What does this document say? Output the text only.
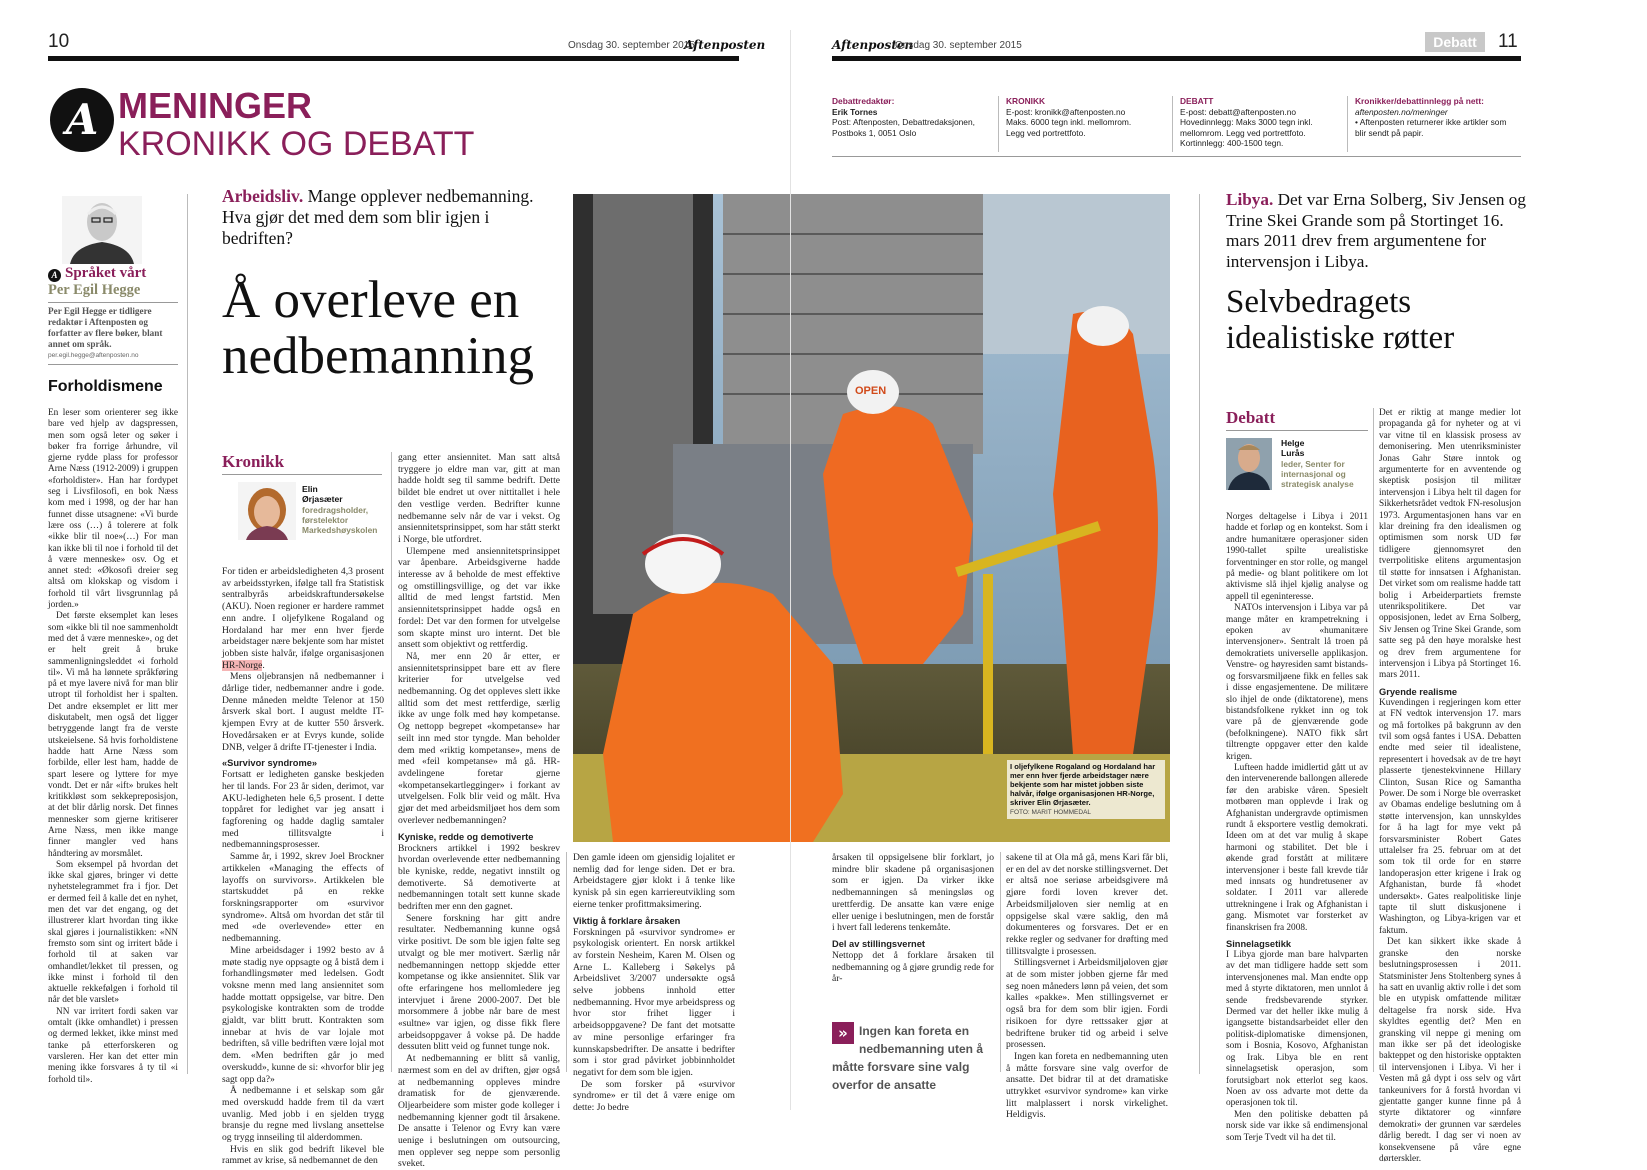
10	Onsdag 30. september 2015
Aftenposten
A MENINGER
KRONIKK OG DEBATT
A Språket vårt
Per Egil Hegge
Per Egil Hegge er tidligere redaktør i Aftenposten og forfatter av flere bøker, blant annet om språk.
per.egil.hegge@aftenposten.no
Forholdismene

En leser som orienterer seg ikke bare ved hjelp av dagspressen, men som også leter og søker i bøker fra forrige århundre, vil gjerne rydde plass for professor Arne Næss (1912-2009) i gruppen «forholdister». Han har fordypet seg i Livsfilosofi, en bok Næss kom med i 1998, og der har han funnet disse utsagnene: «Vi burde lære oss (…) å tolerere at folk «ikke blir til noe»(…) For man kan ikke bli til noe i forhold til det å være menneske» osv. Og et annet sted: «Økosofi dreier seg altså om klokskap og visdom i forhold til vårt livsgrunnlag på jorden.»

Det første eksemplet kan leses som «ikke bli til noe sammenholdt med det å være menneske», og det er helt greit å bruke sammenligningsleddet «i forhold til». Vi må ha lønnete språkføring på et mye lavere nivå for man blir utropt til forholdist her i spalten. Det andre eksemplet er litt mer diskutabelt, men også det ligger betryggende langt fra de verste utskeielsene. Så hvis forholdistene hadde hatt Arne Næss som forbilde, eller lest ham, hadde de spart lesere og lyttere for mye vondt. Det er når «ift» brukes helt kritikkløst som sekkepreposisjon, at det blir dårlig norsk. Det finnes mennesker som gjerne kritiserer Arne Næss, men ikke mange finner mangler ved hans håndtering av morsmålet.

Som eksempel på hvordan det ikke skal gjøres, bringer vi dette nyhetstelegrammet fra i fjor. Det er dermed feil å kalle det en nyhet, men det var det engang, og det illustrerer klart hvordan ting ikke skal gjøres i journalistikken: «NN fremsto som sint og irritert både i forhold til at saken var omhandlet/lekket til pressen, og ikke minst i forhold til den aktuelle rekkefølgen i forhold til når det ble varslet»

NN var irritert fordi saken var omtalt (ikke omhandlet) i pressen og dermed lekket, ikke minst med tanke på etterforskeren og varsleren. Her kan det etter min mening ikke forsvares å ty til «i forhold til».

Arbeidsliv. Mange opplever nedbemanning. Hva gjør det med dem som blir igjen i bedriften?
Å overleve en nedbemanning
Kronikk
Elin
Ørjasæter
foredragsholder, førstelektor Markedshøyskolen

For tiden er arbeidsledigheten 4,3 prosent av arbeidsstyrken, ifølge tall fra Statistisk sentralbyrås arbeidskraftundersøkelse (AKU). Noen regioner er hardere rammet enn andre. I oljefylkene Rogaland og Hordaland har mer enn hver fjerde arbeidstager nære bekjente som har mistet jobben siste halvår, ifølge organisasjonen HR-Norge.

Mens oljebransjen nå nedbemanner i dårlige tider, nedbemanner andre i gode. Denne måneden meldte Telenor at 150 årsverk skal bort. I august meldte IT-kjempen Evry at de kutter 550 årsverk. Hovedårsaken er at Evrys kunde, solide DNB, velger å drifte IT-tjenester i India.

«Survivor syndrome»

Fortsatt er ledigheten ganske beskjeden her til lands. For 23 år siden, derimot, var AKU-ledigheten hele 6,5 prosent. I dette toppåret for ledighet var jeg ansatt i fagforening og hadde daglig samtaler med tillitsvalgte i nedbemanningsprosesser.

Samme år, i 1992, skrev Joel Brockner artikkelen «Managing the effects of layoffs on survivors». Artikkelen ble startskuddet på en rekke forskningsrapporter om «survivor syndrome». Altså om hvordan det står til med «de overlevende» etter en nedbemanning.

Mine arbeidsdager i 1992 besto av å møte stadig nye oppsagte og å bistå dem i forhandlingsmøter med ledelsen. Godt voksne menn med lang ansiennitet som hadde mottatt oppsigelse, var bitre. Den psykologiske kontrakten som de trodde gjaldt, var blitt brutt. Kontrakten som innebar at hvis de var lojale mot bedriften, så ville bedriften være lojal mot dem. «Men bedriften går jo med overskudd», kunne de si: «hvorfor blir jeg sagt opp da?»

Å nedbemanne i et selskap som går med overskudd hadde frem til da vært uvanlig. Med jobb i en sjelden trygg bransje du regne med livslang ansettelse og trygg innseiling til alderdommen.

Hvis en slik god bedrift likevel ble rammet av krise, så nedbemannet de den

gang etter ansiennitet. Man satt altså tryggere jo eldre man var, gitt at man hadde holdt seg til samme bedrift. Dette bildet ble endret ut over nittitallet i hele den vestlige verden. Bedrifter kunne nedbemanne selv når de var i vekst. Og ansiennitetsprinsippet, som har stått sterkt i Norge, ble utfordret.

Ulempene med ansiennitetsprinsippet var åpenbare. Arbeidsgiverne hadde interesse av å beholde de mest effektive og omstillingsvillige, og det var ikke alltid de med lengst fartstid. Men ansiennitetsprinsippet hadde også en fordel: Det var den formen for utvelgelse som skapte minst uro internt. Det ble ansett som objektivt og rettferdig.

Nå, mer enn 20 år etter, er ansiennitetsprinsippet bare ett av flere kriterier for utvelgelse ved nedbemanning. Og det oppleves slett ikke alltid som det mest rettferdige, særlig ikke av unge folk med høy kompetanse. Og nettopp begrepet «kompetanse» har seilt inn med stor tyngde. Man beholder dem med «riktig kompetanse», mens de med «feil kompetanse» må gå. HR-avdelingene foretar gjerne «kompetansekartlegginger» i forkant av utvelgelsen. Folk blir veid og målt. Hva gjør det med arbeidsmiljøet hos dem som overlever nedbemanningen?

Kyniske, redde og demotiverte

Brockners artikkel i 1992 beskrev hvordan overlevende etter nedbemanning ble kyniske, redde, negativt innstilt og demotiverte. Så demotiverte at nedbemanningen totalt sett kunne skade bedriften mer enn den gagnet.

Senere forskning har gitt andre resultater. Nedbemanning kunne også virke positivt. De som ble igjen følte seg utvalgt og ble mer motivert. Særlig når nedbemanningen nettopp skjedde etter kompetanse og ikke ansiennitet. Slik var ofte erfaringene hos mellomledere jeg intervjuet i årene 2000-2007. Det ble morsommere å jobbe når bare de mest «sultne» var igjen, og disse fikk flere arbeidsoppgaver å vokse på. De hadde dessuten blitt veid og funnet tunge nok.

At nedbemanning er blitt så vanlig, nærmest som en del av driften, gjør også at nedbemanning oppleves mindre dramatisk for de gjenværende. Oljearbeidere som mister gode kolleger i nedbemanning kjenner godt til årsakene. De ansatte i Telenor og Evry kan være uenige i beslutningen om outsourcing, men opplever seg neppe som personlig sveket.

OPEN
I oljefylkene Rogaland og Hordaland har mer enn hver fjerde arbeidstager nære bekjente som har mistet jobben siste halvår, ifølge organisasjonen HR-Norge, skriver Elin Ørjasæter.
FOTO: MARIT HOMMEDAL

Den gamle ideen om gjensidig lojalitet er nemlig død for lenge siden. Det er bra. Arbeidstagere gjør klokt i å tenke like kynisk på sin egen karriereutvikling som eierne tenker profittmaksimering.

Viktig å forklare årsaken

Forskningen på «survivor syndrome» er psykologisk orientert. En norsk artikkel av forstein Nesheim, Karen M. Olsen og Arne L. Kalleberg i Søkelys på Arbeidslivet 3/2007 undersøkte også selve jobbens innhold etter nedbemanning. Hvor mye arbeidspress og hvor stor frihet ligger i arbeidsoppgavene? De fant det motsatte av mine personlige erfaringer fra kunnskapsbedrifter. De ansatte i bedrifter som i stor grad påvirket jobbinnholdet negativt for dem som ble igjen.

De som forsker på «survivor syndrome» er til det å være enige om dette: Jo bedre

Aftenposten
Onsdag 30. september 2015	Debatt	11
Debattredaktør:
Erik Tornes
Post: Aftenposten, Debattredaksjonen,
Postboks 1, 0051 Oslo
KRONIKK
E-post: kronikk@aftenposten.no
Maks. 6000 tegn inkl. mellomrom.
Legg ved portrettfoto.
DEBATT
E-post: debatt@aftenposten.no
Hovedinnlegg: Maks 3000 tegn inkl.
mellomrom. Legg ved portrettfoto.
Kortinnlegg: 400-1500 tegn.
Kronikker/debattinnlegg på nett:
aftenposten.no/meninger
• Aftenposten returnerer ikke artikler som
blir sendt på papir.

årsaken til oppsigelsene blir forklart, jo mindre blir skadene på organisasjonen som er igjen. Da virker ikke nedbemanningen så meningsløs og urettferdig. De ansatte kan være enige eller uenige i beslutningen, men de forstår i hvert fall lederens tenkemåte.

Del av stillingsvernet

Nettopp det å forklare årsaken til nedbemanning og å gjøre grundig rede for år-

» Ingen kan foreta en nedbemanning uten å måtte forsvare sine valg overfor de ansatte

sakene til at Ola må gå, mens Kari får bli, er en del av det norske stillingsvernet. Det er altså noe seriøse arbeidsgivere må gjøre fordi loven krever det. Arbeidsmiljøloven sier nemlig at en oppsigelse skal være saklig, den må dokumenteres og forsvares. Det er en rekke regler og sedvaner for drøfting med tillitsvalgte i prosessen.

Stillingsvernet i Arbeidsmiljøloven gjør at de som mister jobben gjerne får med seg noen måneders lønn på veien, det som kalles «pakke». Men stillingsvernet er også bra for dem som blir igjen. Fordi risikoen for dyre rettssaker gjør at bedriftene bruker tid og arbeid i selve prosessen.

Ingen kan foreta en nedbemanning uten å måtte forsvare sine valg overfor de ansatte. Det bidrar til at det dramatiske uttrykket «survivor syndrome» kan virke litt malplassert i norsk virkelighet. Heldigvis.

Libya. Det var Erna Solberg, Siv Jensen og Trine Skei Grande som på Stortinget 16. mars 2011 drev frem argumentene for intervensjon i Libya.
Selvbedragets idealistiske røtter
Debatt
Helge
Lurås
leder, Senter for internasjonal og strategisk analyse

Norges deltagelse i Libya i 2011 hadde et forløp og en kontekst. Som i andre humanitære operasjoner siden 1990-tallet spilte urealistiske forventninger en stor rolle, og mangel på medie- og blant politikere om lot aktivisme slå ihjel kjølig analyse og appell til egeninteresse.

NATOs intervensjon i Libya var på mange måter en krampetrekning i epoken av «humanitære intervensjoner». Sentralt lå troen på demokratiets universelle applikasjon. Venstre- og høyresiden samt bistands- og forsvarsmiljøene fikk en felles sak i disse engasjementene. De militære slo ihjel de onde (diktatorene), mens bistandsfolkene rykket inn og tok vare på de gjenværende gode (befolkningene). NATO fikk sårt tiltrengte oppgaver etter den kalde krigen.

Lufteen hadde imidlertid gått ut av den intervenerende ballongen allerede før den arabiske våren. Spesielt motbøren man opplevde i Irak og Afghanistan undergravde optimismen rundt å eksportere vestlig demokrati. Ideen om at det var mulig å skape harmoni og stabilitet. Det ble i økende grad forstått at militære intervensjoner i beste fall krevde tiår med innsats og hundretusener av soldater. I 2011 var allerede uttrekningene i Irak og Afghanistan i gang. Mismotet var forsterket av finanskrisen fra 2008.

Sinnelagsetikk

I Libya gjorde man bare halvparten av det man tidligere hadde sett som intervensjonenes mal. Man endte opp med å styrte diktatoren, men unnlot å sende fredsbevarende styrker. Dermed var det heller ikke mulig å igangsette bistandsarbeidet eller den politisk-diplomatiske dimensjonen, som i Bosnia, Kosovo, Afghanistan og Irak. Libya ble en rent sinnelagsetisk operasjon, som forutsigbart nok etterlot seg kaos. Noen av oss advarte mot dette da operasjonen tok til.

Men den politiske debatten på norsk side var ikke så endimensjonal som Terje Tvedt vil ha det til.

Det er riktig at mange medier lot propaganda gå for nyheter og at vi var vitne til en klassisk prosess av demonisering. Men utenriksminister Jonas Gahr Støre inntok og argumenterte for en avventende og skeptisk posisjon til militær intervensjon i Libya helt til dagen for Sikkerhetsrådet vedtok FN-resolusjon 1973. Argumentasjonen hans var en klar dreining fra den idealismen og optimismen som norsk UD før tidligere gjennomsyret den tverrpolitiske elitens argumentasjon til støtte for innsatsen i Afghanistan. Det virket som om realisme hadde tatt bolig i Arbeiderpartiets fremste utenrikspolitikere. Det var opposisjonen, ledet av Erna Solberg, Siv Jensen og Trine Skei Grande, som satte seg på den høye moralske hest og drev frem argumentene for intervensjon i Libya på Stortinget 16. mars 2011.

Gryende realisme

Kuvendingen i regjeringen kom etter at FN vedtok intervensjon 17. mars og må fortolkes på bakgrunn av den tvil som også fantes i USA. Debatten endte med seier til idealistene, representert i hovedsak av de tre høyt plasserte tjenestekvinnene Hillary Clinton, Susan Rice og Samantha Power. De som i Norge ble overrasket av Obamas endelige beslutning om å støtte intervensjon, kan unnskyldes for å ha lagt for mye vekt på forsvarsminister Robert Gates uttalelser fra 25. februar om at det som tok til orde for en større landoperasjon etter krigene i Irak og Afghanistan, burde få «hodet undersøkt». Gates realpolitiske linje tapte til slutt diskusjonene i Washington, og Libya-krigen var et faktum.

Det kan sikkert ikke skade å granske den norske beslutningsprosessen i 2011. Statsminister Jens Stoltenberg synes å ha satt en uvanlig aktiv rolle i det som ble en utypisk omfattende militær deltagelse fra norsk side. Hva skyldtes egentlig det? Men en gransking vil neppe gi mening om man ikke ser på det ideologiske bakteppet og den historiske opptakten til intervensjonen i Libya. Vi her i Vesten må gå dypt i oss selv og vårt tankeunivers for å forstå hvordan vi gjentatte ganger kunne finne på å styrte diktatorer og «innføre demokrati» der grunnen var særdeles dårlig beredt. I dag ser vi noen av konsekvensene på våre egne dørterskler.
